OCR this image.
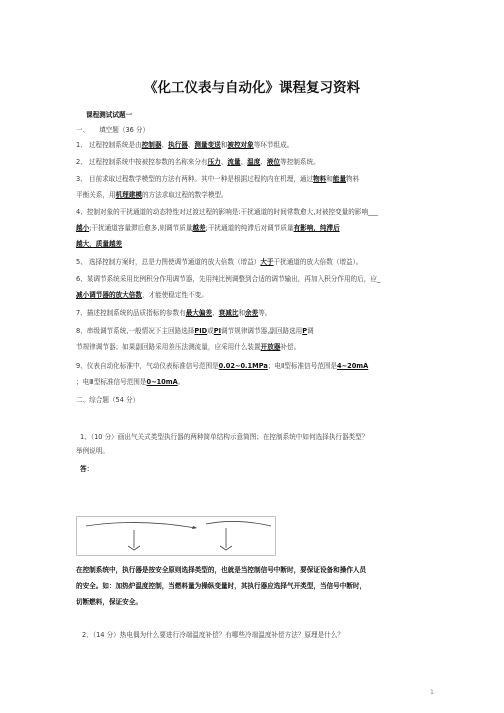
《化工仪表与自动化》课程复习资料
课程测试试题一
一、　　填空题（36 分）
1、 过程控制系统是由控制器、执行器、测量变送和被控对象等环节组成。
2、 过程控制系统中按被控参数的名称来分有压力、流量、温度、液位等控制系统。
3、 目前求取过程数学模型的方法有两种。其中一种是根据过程的内在机理，通过物料和能量物料
平衡关系，用机理建模的方法求取过程的数学模型。
4、控制对象的干扰通道的动态特性对过渡过程的影响是:干扰通道的时间常数愈大,对被控变量的影响___
越小;干扰通道容量滞后愈多,则调节质量越差;干扰通道的纯滞后对调节质量有影响，纯滞后
越大，质量越差
5、 选择控制方案时，总是力图使调节通道的放大倍数（增益）大于干扰通道的放大倍数（增益）。
6、某调节系统采用比例积分作用调节器，先用纯比例调整到合适的调节输出，再加入积分作用的后，应_
减小调节器的放大倍数，才能使稳定性不变。
7、描述控制系统的品质指标的参数有最大偏差、衰减比和余差等。
8、串级调节系统,一般情况下主回路选择PID或PI调节规律调节器,副回路选用P调
节规律调节器；如果副回路采用差压法测流量，应采用什么装置开放器补偿。
9、仪表自动化标准中，气动仪表标准信号范围是0.02~0.1MPa；电Ⅱ型标准信号范围是4~20mA
；电Ⅲ型标准信号范围是0~10mA。
二、综合题（54 分）
1、（10 分）画出气关式类型执行器的两种简单结构示意简图；在控制系统中如何选择执行器类型？
举例说明。
答：
在控制系统中，执行器是按安全原则选择类型的，也就是当控制信号中断时，要保证设备和操作人员
的安全。如：加热炉温度控制，当燃料量为操纵变量时，其执行器应选择气开类型，当信号中断时，
切断燃料，保证安全。
2、（14 分）热电偶为什么要进行冷端温度补偿？有哪些冷端温度补偿方法？原理是什么？
1
